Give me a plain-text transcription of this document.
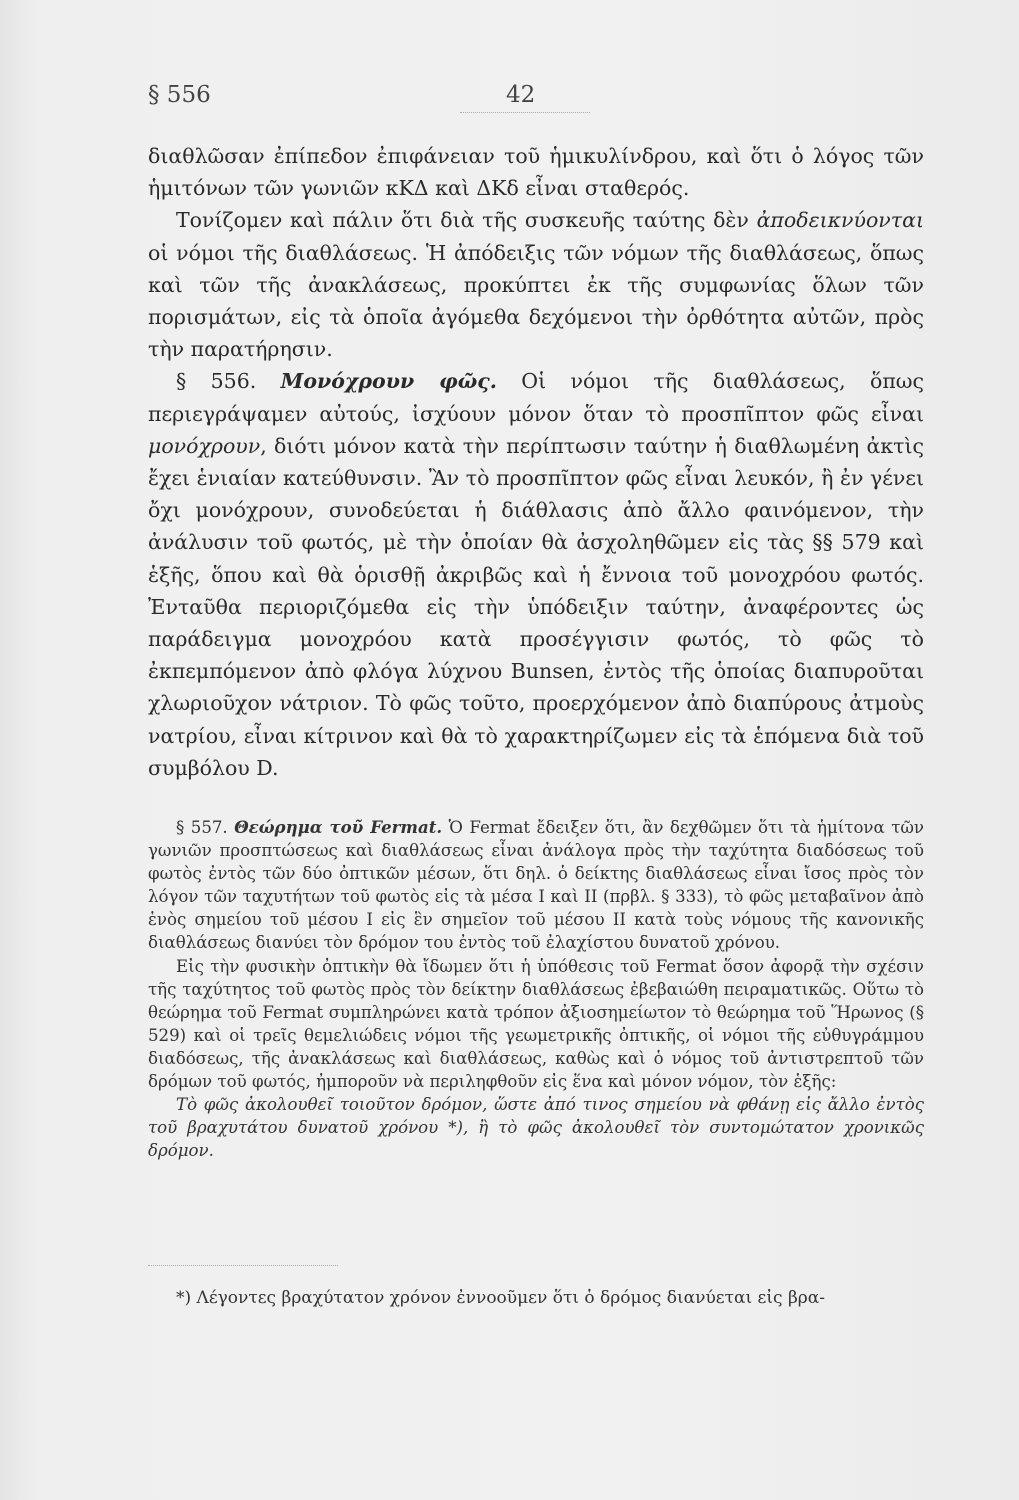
§ 556	42

διαθλῶσαν ἐπίπεδον ἐπιφάνειαν τοῦ ἡμικυλίνδρου, καὶ ὅτι ὁ λόγος τῶν ἡμιτόνων τῶν γωνιῶν κΚΔ καὶ ΔΚδ εἶναι σταθερός.

Τονίζομεν καὶ πάλιν ὅτι διὰ τῆς συσκευῆς ταύτης δὲν ἀποδεικνύονται οἱ νόμοι τῆς διαθλάσεως. Ἡ ἀπόδειξις τῶν νόμων τῆς διαθλάσεως, ὅπως καὶ τῶν τῆς ἀνακλάσεως, προκύπτει ἐκ τῆς συμφωνίας ὅλων τῶν πορισμάτων, εἰς τὰ ὁποῖα ἀγόμεθα δεχόμενοι τὴν ὀρθότητα αὐτῶν, πρὸς τὴν παρατήρησιν.

§ 556. Μονόχρουν φῶς. Οἱ νόμοι τῆς διαθλάσεως, ὅπως περιεγράψαμεν αὐτούς, ἰσχύουν μόνον ὅταν τὸ προσπῖπτον φῶς εἶναι μονόχρουν, διότι μόνον κατὰ τὴν περίπτωσιν ταύτην ἡ διαθλωμένη ἀκτὶς ἔχει ἑνιαίαν κατεύθυνσιν. Ἂν τὸ προσπῖπτον φῶς εἶναι λευκόν, ἢ ἐν γένει ὄχι μονόχρουν, συνοδεύεται ἡ διάθλασις ἀπὸ ἄλλο φαινόμενον, τὴν ἀνάλυσιν τοῦ φωτός, μὲ τὴν ὁποίαν θὰ ἀσχοληθῶμεν εἰς τὰς §§ 579 καὶ ἑξῆς, ὅπου καὶ θὰ ὁρισθῇ ἀκριβῶς καὶ ἡ ἔννοια τοῦ μονοχρόου φωτός. Ἐνταῦθα περιοριζόμεθα εἰς τὴν ὑπόδειξιν ταύτην, ἀναφέροντες ὡς παράδειγμα μονοχρόου κατὰ προσέγγισιν φωτός, τὸ φῶς τὸ ἐκπεμπόμενον ἀπὸ φλόγα λύχνου Bunsen, ἐντὸς τῆς ὁποίας διαπυροῦται χλωριοῦχον νάτριον. Τὸ φῶς τοῦτο, προερχόμενον ἀπὸ διαπύρους ἀτμοὺς νατρίου, εἶναι κίτρινον καὶ θὰ τὸ χαρακτηρίζωμεν εἰς τὰ ἑπόμενα διὰ τοῦ συμβόλου D.

§ 557. Θεώρημα τοῦ Fermat. Ὁ Fermat ἔδειξεν ὅτι, ἂν δεχθῶμεν ὅτι τὰ ἡμίτονα τῶν γωνιῶν προσπτώσεως καὶ διαθλάσεως εἶναι ἀνάλογα πρὸς τὴν ταχύτητα διαδόσεως τοῦ φωτὸς ἐντὸς τῶν δύο ὀπτικῶν μέσων, ὅτι δηλ. ὁ δείκτης διαθλάσεως εἶναι ἴσος πρὸς τὸν λόγον τῶν ταχυτήτων τοῦ φωτὸς εἰς τὰ μέσα Ι καὶ ΙΙ (πρβλ. § 333), τὸ φῶς μεταβαῖνον ἀπὸ ἑνὸς σημείου τοῦ μέσου Ι εἰς ἓν σημεῖον τοῦ μέσου ΙΙ κατὰ τοὺς νόμους τῆς κανονικῆς διαθλάσεως διανύει τὸν δρόμον του ἐντὸς τοῦ ἐλαχίστου δυνατοῦ χρόνου.

Εἰς τὴν φυσικὴν ὀπτικὴν θὰ ἴδωμεν ὅτι ἡ ὑπόθεσις τοῦ Fermat ὅσον ἀφορᾷ τὴν σχέσιν τῆς ταχύτητος τοῦ φωτὸς πρὸς τὸν δείκτην διαθλάσεως ἐβεβαιώθη πειραματικῶς. Οὕτω τὸ θεώρημα τοῦ Fermat συμπληρώνει κατὰ τρόπον ἀξιοσημείωτον τὸ θεώρημα τοῦ Ἥρωνος (§ 529) καὶ οἱ τρεῖς θεμελιώδεις νόμοι τῆς γεωμετρικῆς ὀπτικῆς, οἱ νόμοι τῆς εὐθυγράμμου διαδόσεως, τῆς ἀνακλάσεως καὶ διαθλάσεως, καθὼς καὶ ὁ νόμος τοῦ ἀντιστρεπτοῦ τῶν δρόμων τοῦ φωτός, ἠμποροῦν νὰ περιληφθοῦν εἰς ἕνα καὶ μόνον νόμον, τὸν ἑξῆς:

Τὸ φῶς ἀκολουθεῖ τοιοῦτον δρόμον, ὥστε ἀπό τινος σημείου νὰ φθάνῃ εἰς ἄλλο ἐντὸς τοῦ βραχυτάτου δυνατοῦ χρόνου *), ἢ τὸ φῶς ἀκολουθεῖ τὸν συντομώτατον χρονικῶς δρόμον.

*) Λέγοντες βραχύτατον χρόνον ἐννοοῦμεν ὅτι ὁ δρόμος διανύεται εἰς βρα-
